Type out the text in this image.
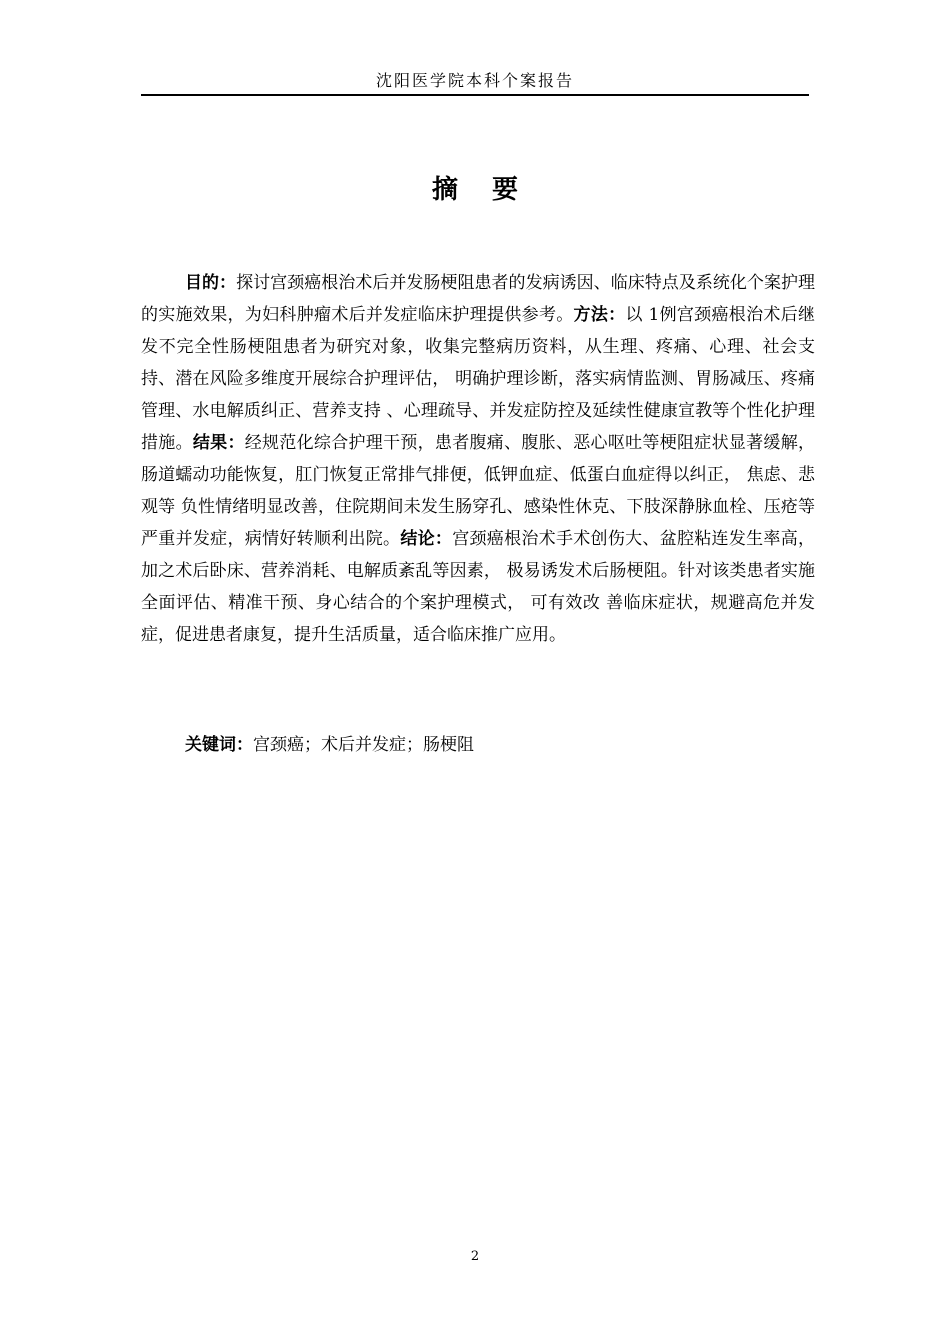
沈阳医学院本科个案报告
摘 要

目的：探讨宫颈癌根治术后并发肠梗阻患者的发病诱因、临床特点及系统化个案护理的实施效果，为妇科肿瘤术后并发症临床护理提供参考。方法：以 1例宫颈癌根治术后继发不完全性肠梗阻患者为研究对象，收集完整病历资料，从生理、疼痛、心理、社会支持、潜在风险多维度开展综合护理评估， 明确护理诊断，落实病情监测、胃肠减压、疼痛管理、水电解质纠正、营养支持 、心理疏导、并发症防控及延续性健康宣教等个性化护理措施。结果：经规范化综合护理干预，患者腹痛、腹胀、恶心呕吐等梗阻症状显著缓解， 肠道蠕动功能恢复，肛门恢复正常排气排便，低钾血症、低蛋白血症得以纠正， 焦虑、悲观等 负性情绪明显改善，住院期间未发生肠穿孔、感染性休克、下肢深静脉血栓、压疮等严重并发症，病情好转顺利出院。结论：宫颈癌根治术手术创伤大、盆腔粘连发生率高，加之术后卧床、营养消耗、电解质紊乱等因素， 极易诱发术后肠梗阻。针对该类患者实施全面评估、精准干预、身心结合的个案护理模式， 可有效改 善临床症状，规避高危并发症，促进患者康复，提升生活质量，适合临床推广应用。

关键词：宫颈癌；术后并发症；肠梗阻
2
